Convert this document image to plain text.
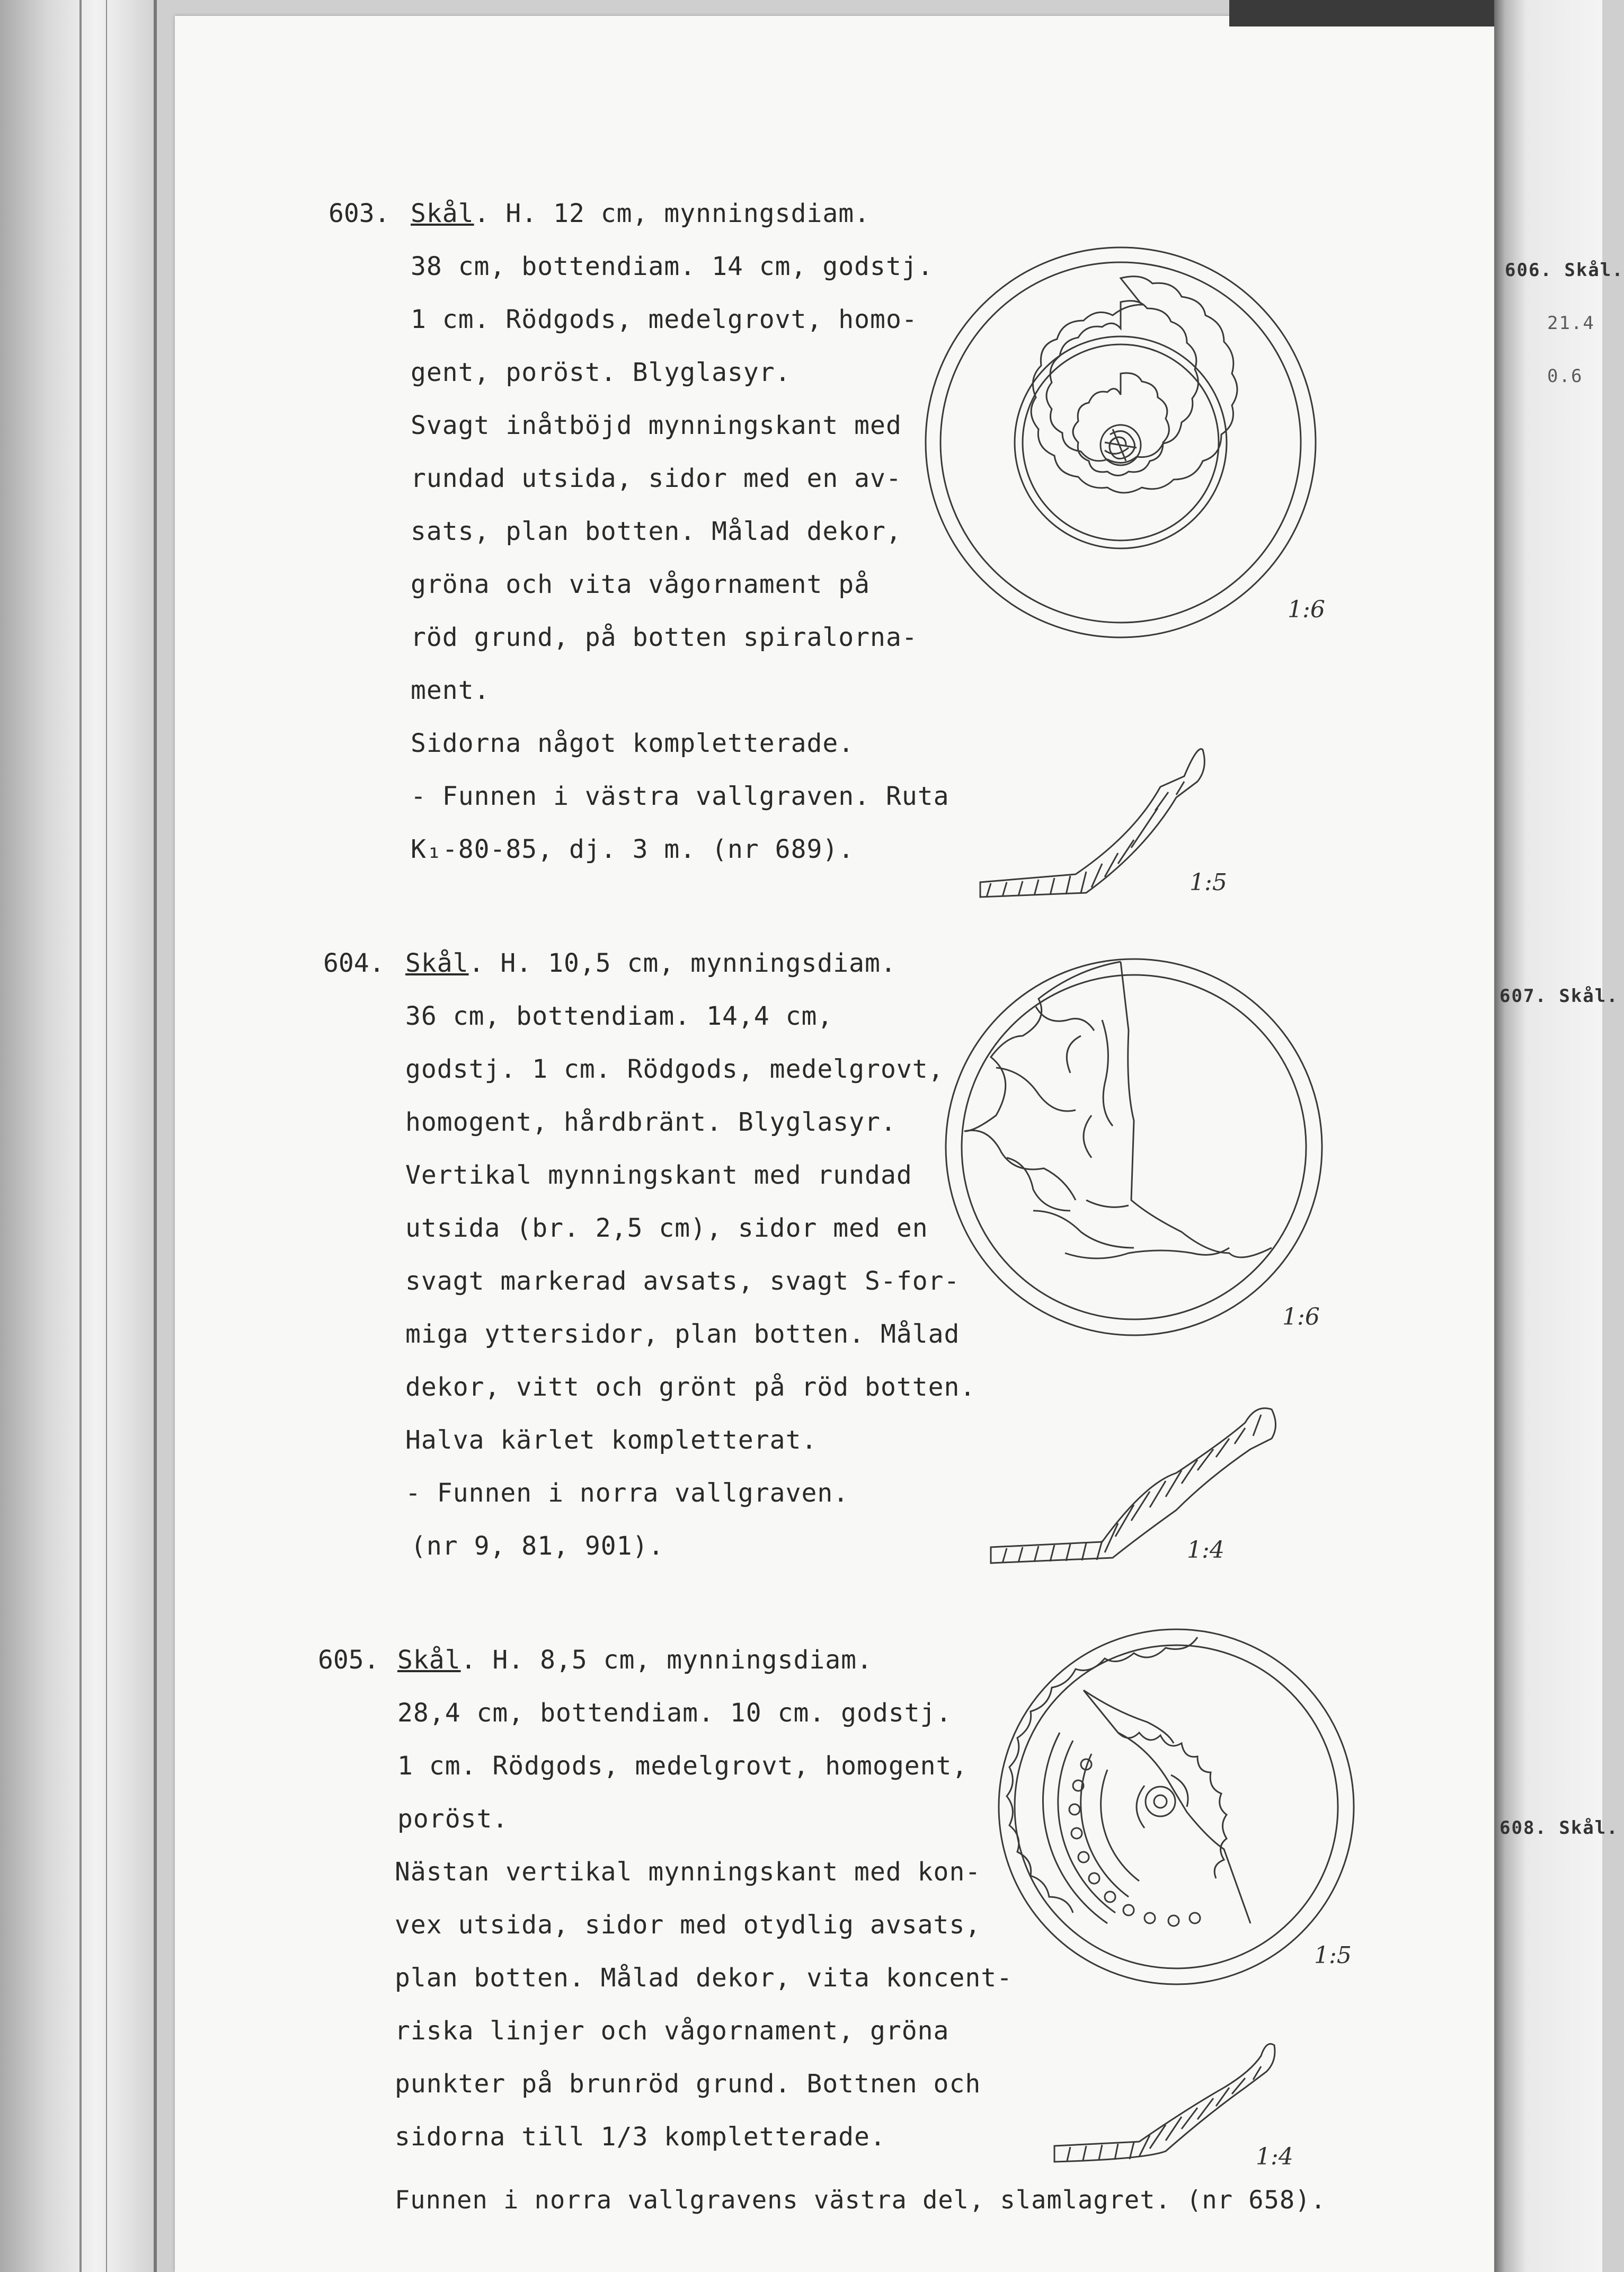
606. Skål.
21.4
0.6
607. Skål.
608. Skål.
603. Skål. H. 12 cm, mynningsdiam.
38 cm, bottendiam. 14 cm, godstj.
1 cm. Rödgods, medelgrovt, homo-
gent, poröst. Blyglasyr.
Svagt inåtböjd mynningskant med
rundad utsida, sidor med en av-
sats, plan botten. Målad dekor,
gröna och vita vågornament på
röd grund, på botten spiralorna-
ment.
Sidorna något kompletterade.
- Funnen i västra vallgraven. Ruta
K₁-80-85, dj. 3 m. (nr 689).
1:6
1:5
604. Skål. H. 10,5 cm, mynningsdiam.
36 cm, bottendiam. 14,4 cm,
godstj. 1 cm. Rödgods, medelgrovt,
homogent, hårdbränt. Blyglasyr.
Vertikal mynningskant med rundad
utsida (br. 2,5 cm), sidor med en
svagt markerad avsats, svagt S-for-
miga yttersidor, plan botten. Målad
dekor, vitt och grönt på röd botten.
Halva kärlet kompletterat.
- Funnen i norra vallgraven.
(nr 9, 81, 901).
1:6
1:4
605. Skål. H. 8,5 cm, mynningsdiam.
28,4 cm, bottendiam. 10 cm. godstj.
1 cm. Rödgods, medelgrovt, homogent,
poröst.
Nästan vertikal mynningskant med kon-
vex utsida, sidor med otydlig avsats,
plan botten. Målad dekor, vita koncent-
riska linjer och vågornament, gröna
punkter på brunröd grund. Bottnen och
sidorna till 1/3 kompletterade.
Funnen i norra vallgravens västra del, slamlagret. (nr 658).
1:5
1:4
